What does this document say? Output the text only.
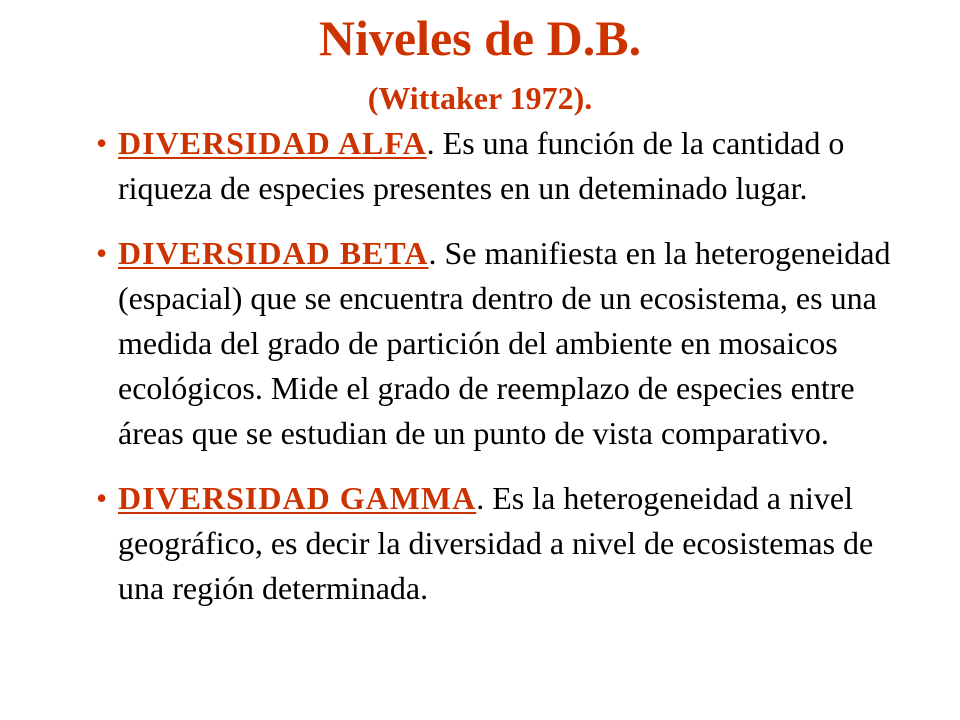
Niveles de D.B.
(Wittaker 1972).
• DIVERSIDAD ALFA. Es una función de la cantidad o riqueza de especies presentes en un deteminado lugar.
• DIVERSIDAD BETA. Se manifiesta en la heterogeneidad (espacial) que se encuentra dentro de un ecosistema, es una medida del grado de partición del ambiente en mosaicos ecológicos. Mide el grado de reemplazo de especies entre áreas que se estudian de un punto de vista comparativo.
• DIVERSIDAD GAMMA. Es la heterogeneidad a nivel geográfico, es decir la diversidad a nivel de ecosistemas de una región determinada.
